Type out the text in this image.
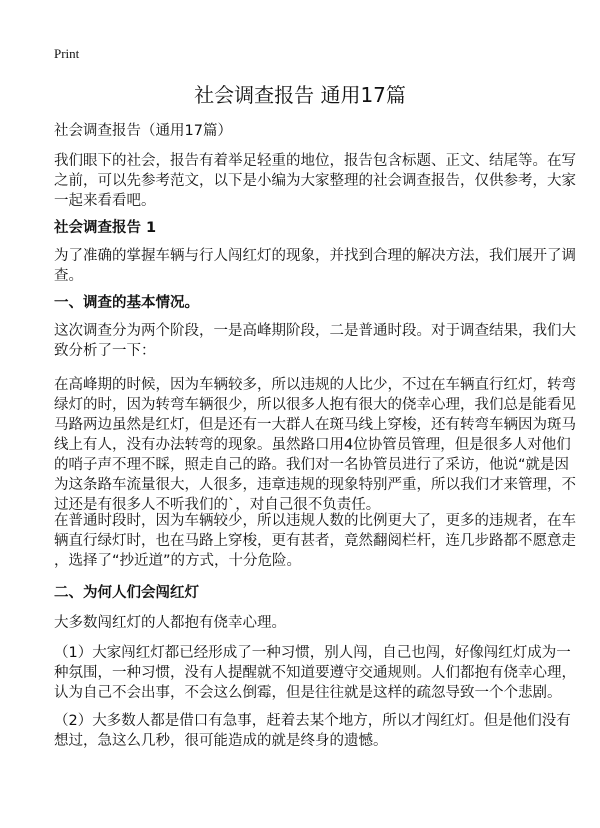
Print
社会调查报告 通用17篇
社会调查报告（通用17篇）
我们眼下的社会，报告有着举足轻重的地位，报告包含标题、正文、结尾等。在写
之前，可以先参考范文，以下是小编为大家整理的社会调查报告，仅供参考，大家
一起来看看吧。
社会调查报告 1
为了准确的掌握车辆与行人闯红灯的现象，并找到合理的解决方法，我们展开了调
查。
一、调查的基本情况。
这次调查分为两个阶段，一是高峰期阶段，二是普通时段。对于调查结果，我们大
致分析了一下：
在高峰期的时候，因为车辆较多，所以违规的人比少，不过在车辆直行红灯，转弯
绿灯的时，因为转弯车辆很少，所以很多人抱有很大的侥幸心理，我们总是能看见
马路两边虽然是红灯，但是还有一大群人在斑马线上穿梭，还有转弯车辆因为斑马
线上有人，没有办法转弯的现象。虽然路口用4位协管员管理，但是很多人对他们
的哨子声不理不睬，照走自己的路。我们对一名协管员进行了采访，他说“就是因
为这条路车流量很大，人很多，违章违规的现象特别严重，所以我们才来管理，不
过还是有很多人不听我们的`，对自己很不负责任。
在普通时段时，因为车辆较少，所以违规人数的比例更大了，更多的违规者，在车
辆直行绿灯时，也在马路上穿梭，更有甚者，竟然翻阅栏杆，连几步路都不愿意走
，选择了“抄近道”的方式，十分危险。
二、为何人们会闯红灯
大多数闯红灯的人都抱有侥幸心理。
（1）大家闯红灯都已经形成了一种习惯，别人闯，自己也闯，好像闯红灯成为一
种氛围，一种习惯，没有人提醒就不知道要遵守交通规则。人们都抱有侥幸心理，
认为自己不会出事，不会这么倒霉，但是往往就是这样的疏忽导致一个个悲剧。
（2）大多数人都是借口有急事，赶着去某个地方，所以才闯红灯。但是他们没有
想过，急这么几秒，很可能造成的就是终身的遗憾。
